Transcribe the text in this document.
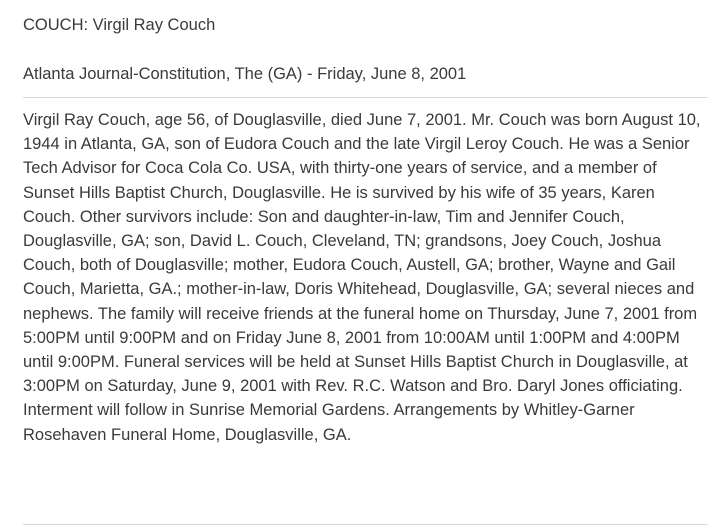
COUCH: Virgil Ray Couch

Atlanta Journal-Constitution, The (GA) - Friday, June 8, 2001

Virgil Ray Couch, age 56, of Douglasville, died June 7, 2001. Mr. Couch was born August 10, 1944 in Atlanta, GA, son of Eudora Couch and the late Virgil Leroy Couch. He was a Senior Tech Advisor for Coca Cola Co. USA, with thirty-one years of service, and a member of Sunset Hills Baptist Church, Douglasville. He is survived by his wife of 35 years, Karen Couch. Other survivors include: Son and daughter-in-law, Tim and Jennifer Couch, Douglasville, GA; son, David L. Couch, Cleveland, TN; grandsons, Joey Couch, Joshua Couch, both of Douglasville; mother, Eudora Couch, Austell, GA; brother, Wayne and Gail Couch, Marietta, GA.; mother-in-law, Doris Whitehead, Douglasville, GA; several nieces and nephews. The family will receive friends at the funeral home on Thursday, June 7, 2001 from 5:00PM until 9:00PM and on Friday June 8, 2001 from 10:00AM until 1:00PM and 4:00PM until 9:00PM. Funeral services will be held at Sunset Hills Baptist Church in Douglasville, at 3:00PM on Saturday, June 9, 2001 with Rev. R.C. Watson and Bro. Daryl Jones officiating. Interment will follow in Sunrise Memorial Gardens. Arrangements by Whitley-Garner Rosehaven Funeral Home, Douglasville, GA.
